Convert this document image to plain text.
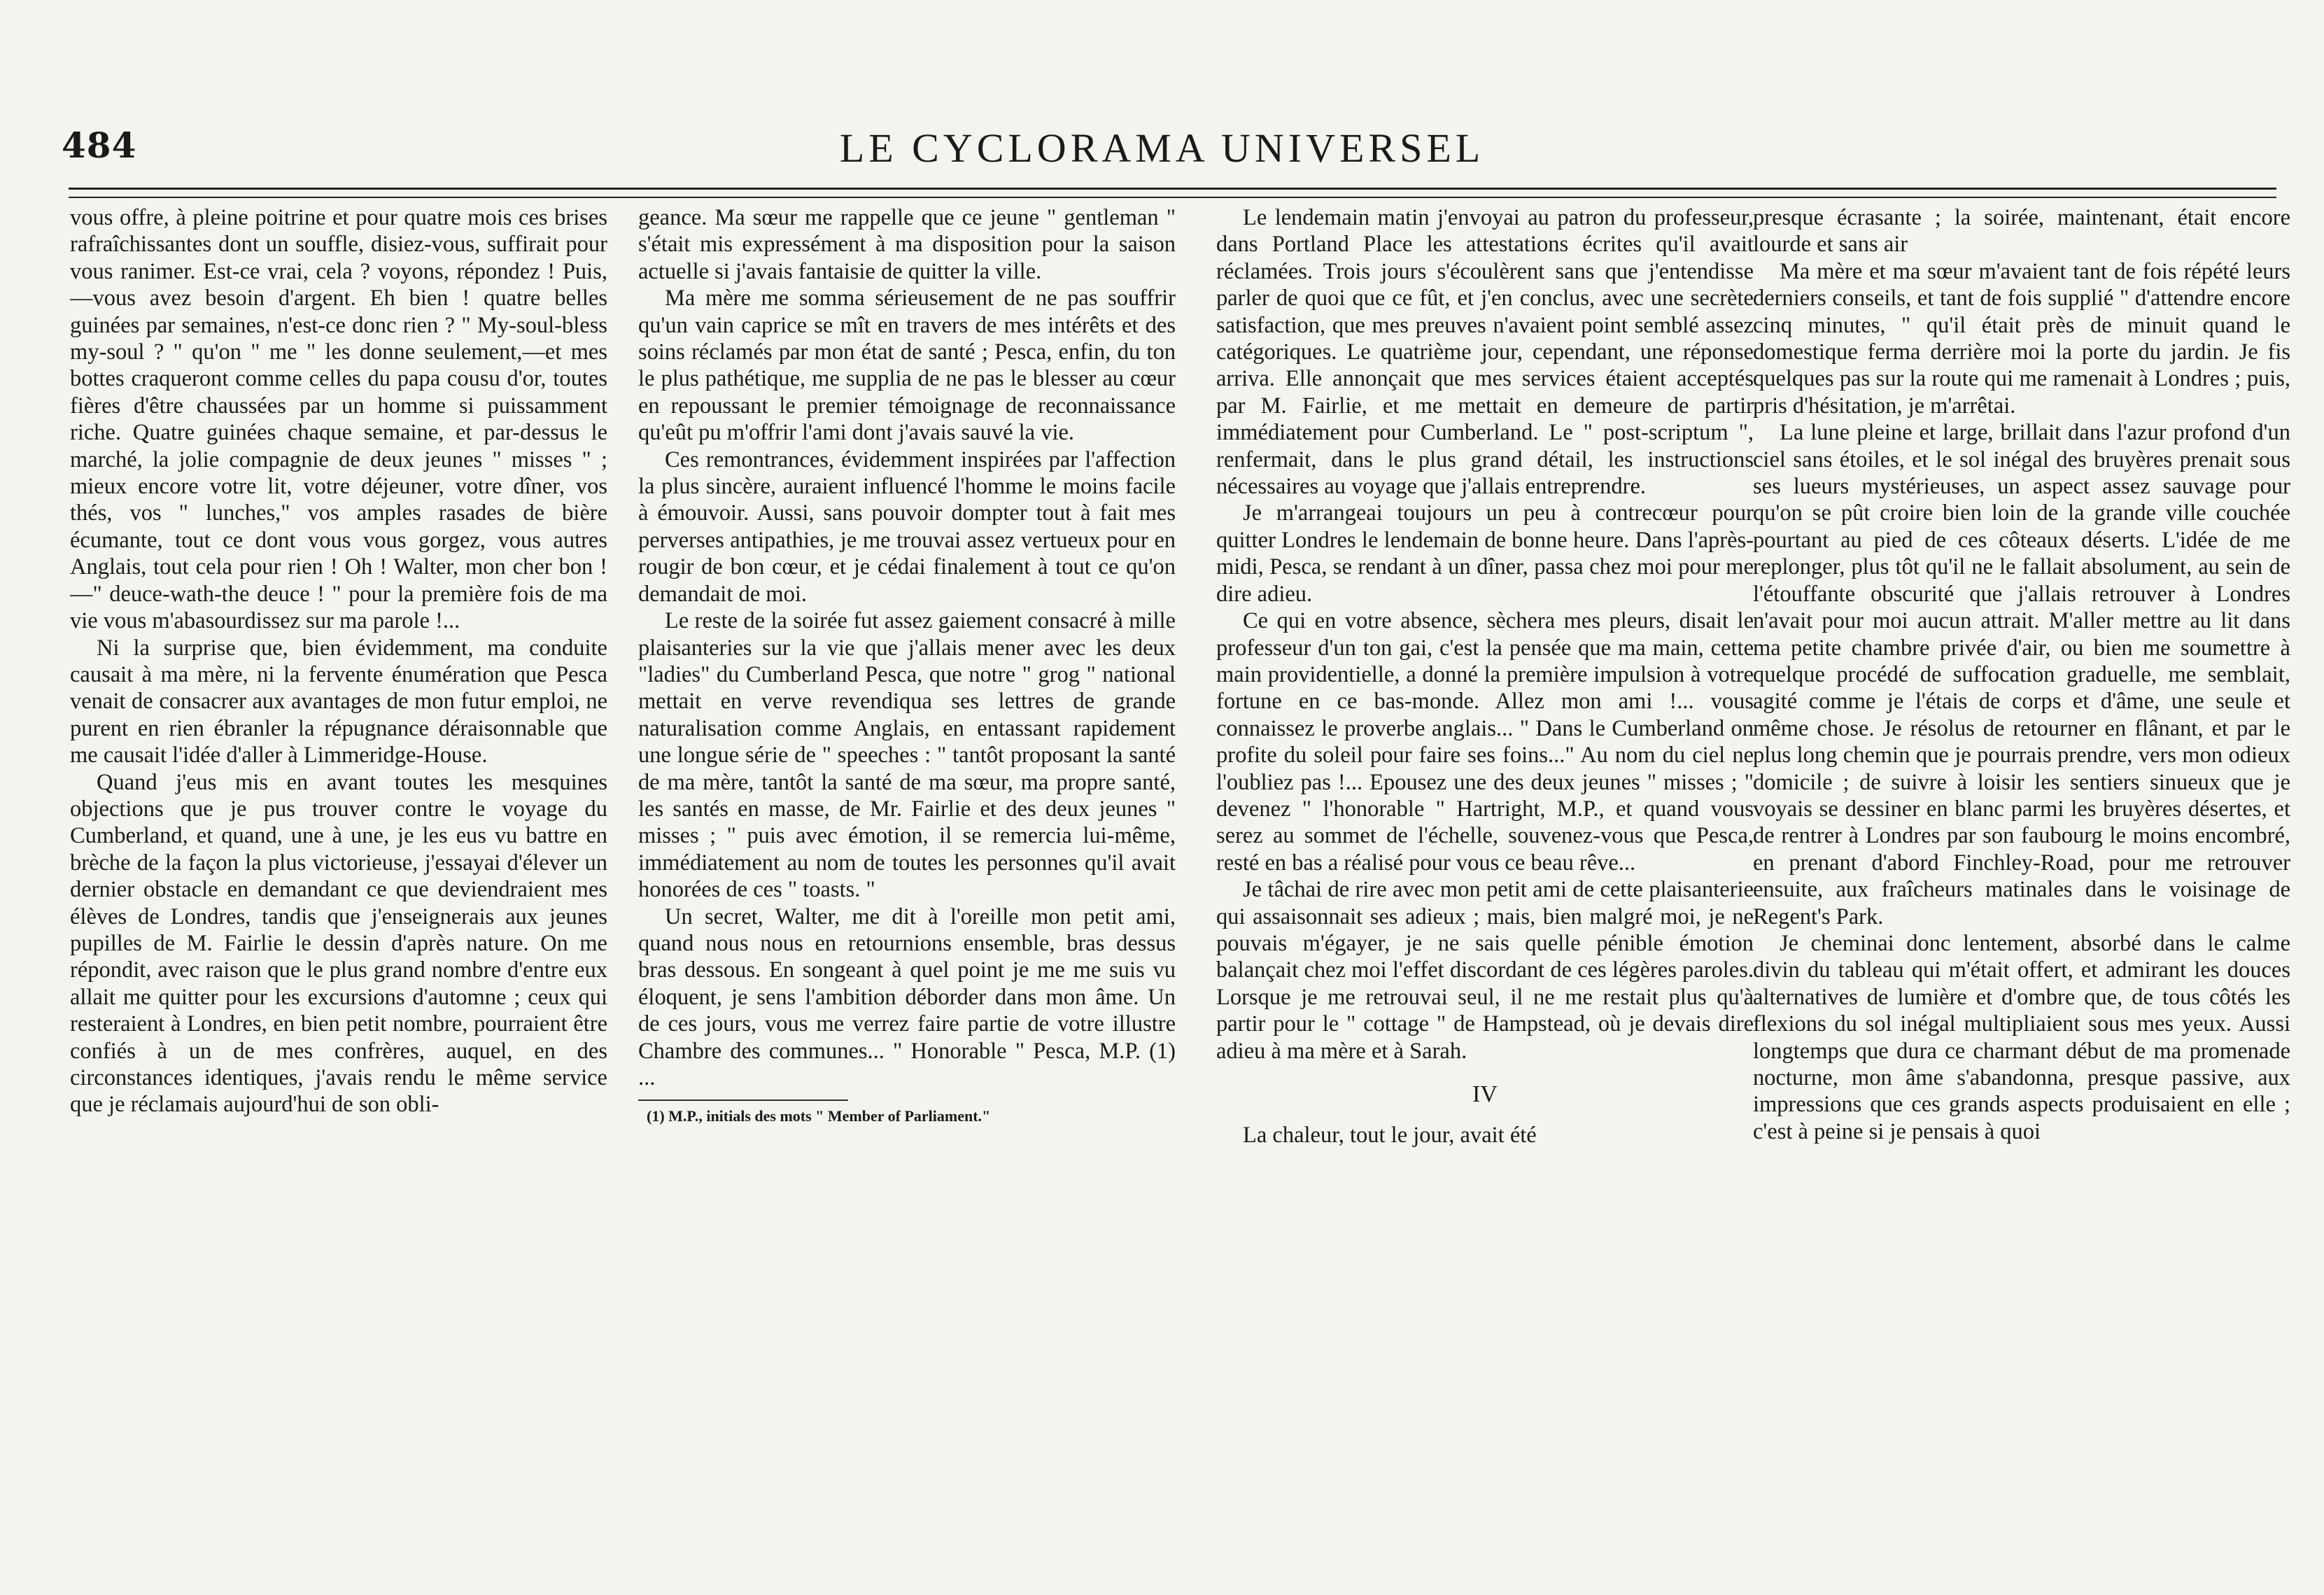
484	LE CYCLORAMA UNIVERSEL

vous offre, à pleine poitrine et pour quatre mois ces brises rafraîchissantes dont un souffle, disiez-vous, suffirait pour vous ranimer. Est-ce vrai, cela ? voyons, répondez ! Puis,—vous avez besoin d'argent. Eh bien ! quatre belles guinées par semaines, n'est-ce donc rien ? " My-soul-bless my-soul ? " qu'on " me " les donne seulement,—et mes bottes craqueront comme celles du papa cousu d'or, toutes fières d'être chaussées par un homme si puissamment riche. Quatre guinées chaque semaine, et par-dessus le marché, la jolie compagnie de deux jeunes " misses " ; mieux encore votre lit, votre déjeuner, votre dîner, vos thés, vos " lunches," vos amples rasades de bière écumante, tout ce dont vous vous gorgez, vous autres Anglais, tout cela pour rien ! Oh ! Walter, mon cher bon ! —" deuce-wath-the deuce ! " pour la première fois de ma vie vous m'abasourdissez sur ma parole !...

Ni la surprise que, bien évidemment, ma conduite causait à ma mère, ni la fervente énumération que Pesca venait de consacrer aux avantages de mon futur emploi, ne purent en rien ébranler la répugnance déraisonnable que me causait l'idée d'aller à Limmeridge-House.

Quand j'eus mis en avant toutes les mesquines objections que je pus trouver contre le voyage du Cumberland, et quand, une à une, je les eus vu battre en brèche de la façon la plus victorieuse, j'essayai d'élever un dernier obstacle en demandant ce que deviendraient mes élèves de Londres, tandis que j'enseignerais aux jeunes pupilles de M. Fairlie le dessin d'après nature. On me répondit, avec raison que le plus grand nombre d'entre eux allait me quitter pour les excursions d'automne ; ceux qui resteraient à Londres, en bien petit nombre, pourraient être confiés à un de mes confrères, auquel, en des circonstances identiques, j'avais rendu le même service que je réclamais aujourd'hui de son obli-

geance. Ma sœur me rappelle que ce jeune " gentleman " s'était mis expressément à ma disposition pour la saison actuelle si j'avais fantaisie de quitter la ville.

Ma mère me somma sérieusement de ne pas souffrir qu'un vain caprice se mît en travers de mes intérêts et des soins réclamés par mon état de santé ; Pesca, enfin, du ton le plus pathétique, me supplia de ne pas le blesser au cœur en repoussant le premier témoignage de reconnaissance qu'eût pu m'offrir l'ami dont j'avais sauvé la vie.

Ces remontrances, évidemment inspirées par l'affection la plus sincère, auraient influencé l'homme le moins facile à émouvoir. Aussi, sans pouvoir dompter tout à fait mes perverses antipathies, je me trouvai assez vertueux pour en rougir de bon cœur, et je cédai finalement à tout ce qu'on demandait de moi.

Le reste de la soirée fut assez gaiement consacré à mille plaisanteries sur la vie que j'allais mener avec les deux "ladies" du Cumberland Pesca, que notre " grog " national mettait en verve revendiqua ses lettres de grande naturalisation comme Anglais, en entassant rapidement une longue série de " speeches : " tantôt proposant la santé de ma mère, tantôt la santé de ma sœur, ma propre santé, les santés en masse, de Mr. Fairlie et des deux jeunes " misses ; " puis avec émotion, il se remercia lui-même, immédiatement au nom de toutes les personnes qu'il avait honorées de ces " toasts. "

Un secret, Walter, me dit à l'oreille mon petit ami, quand nous nous en retournions ensemble, bras dessus bras dessous. En songeant à quel point je me me suis vu éloquent, je sens l'ambition déborder dans mon âme. Un de ces jours, vous me verrez faire partie de votre illustre Chambre des communes... " Honorable " Pesca, M.P. (1) ...

(1) M.P., initials des mots " Member of Parliament."

Le lendemain matin j'envoyai au patron du professeur, dans Portland Place les attestations écrites qu'il avait réclamées. Trois jours s'écoulèrent sans que j'entendisse parler de quoi que ce fût, et j'en conclus, avec une secrète satisfaction, que mes preuves n'avaient point semblé assez catégoriques. Le quatrième jour, cependant, une réponse arriva. Elle annonçait que mes services étaient acceptés par M. Fairlie, et me mettait en demeure de partir immédiatement pour Cumberland. Le " post-scriptum ", renfermait, dans le plus grand détail, les instructions nécessaires au voyage que j'allais entreprendre.

Je m'arrangeai toujours un peu à contrecœur pour quitter Londres le lendemain de bonne heure. Dans l'après-midi, Pesca, se rendant à un dîner, passa chez moi pour me dire adieu.

Ce qui en votre absence, sèchera mes pleurs, disait le professeur d'un ton gai, c'est la pensée que ma main, cette main providentielle, a donné la première impulsion à votre fortune en ce bas-monde. Allez mon ami !... vous connaissez le proverbe anglais... " Dans le Cumberland on profite du soleil pour faire ses foins..." Au nom du ciel ne l'oubliez pas !... Epousez une des deux jeunes " misses ; " devenez " l'honorable " Hartright, M.P., et quand vous serez au sommet de l'échelle, souvenez-vous que Pesca, resté en bas a réalisé pour vous ce beau rêve...

Je tâchai de rire avec mon petit ami de cette plaisanterie qui assaisonnait ses adieux ; mais, bien malgré moi, je ne pouvais m'égayer, je ne sais quelle pénible émotion balançait chez moi l'effet discordant de ces légères paroles. Lorsque je me retrouvai seul, il ne me restait plus qu'à partir pour le " cottage " de Hampstead, où je devais dire adieu à ma mère et à Sarah.

IV

La chaleur, tout le jour, avait été

presque écrasante ; la soirée, maintenant, était encore lourde et sans air

Ma mère et ma sœur m'avaient tant de fois répété leurs derniers conseils, et tant de fois supplié " d'attendre encore cinq minutes, " qu'il était près de minuit quand le domestique ferma derrière moi la porte du jardin. Je fis quelques pas sur la route qui me ramenait à Londres ; puis, pris d'hésitation, je m'arrêtai.

La lune pleine et large, brillait dans l'azur profond d'un ciel sans étoiles, et le sol inégal des bruyères prenait sous ses lueurs mystérieuses, un aspect assez sauvage pour qu'on se pût croire bien loin de la grande ville couchée pourtant au pied de ces côteaux déserts. L'idée de me replonger, plus tôt qu'il ne le fallait absolument, au sein de l'étouffante obscurité que j'allais retrouver à Londres n'avait pour moi aucun attrait. M'aller mettre au lit dans ma petite chambre privée d'air, ou bien me soumettre à quelque procédé de suffocation graduelle, me semblait, agité comme je l'étais de corps et d'âme, une seule et même chose. Je résolus de retourner en flânant, et par le plus long chemin que je pourrais prendre, vers mon odieux domicile ; de suivre à loisir les sentiers sinueux que je voyais se dessiner en blanc parmi les bruyères désertes, et de rentrer à Londres par son faubourg le moins encombré, en prenant d'abord Finchley-Road, pour me retrouver ensuite, aux fraîcheurs matinales dans le voisinage de Regent's Park.

Je cheminai donc lentement, absorbé dans le calme divin du tableau qui m'était offert, et admirant les douces alternatives de lumière et d'ombre que, de tous côtés les flexions du sol inégal multipliaient sous mes yeux. Aussi longtemps que dura ce charmant début de ma promenade nocturne, mon âme s'abandonna, presque passive, aux impressions que ces grands aspects produisaient en elle ; c'est à peine si je pensais à quoi
